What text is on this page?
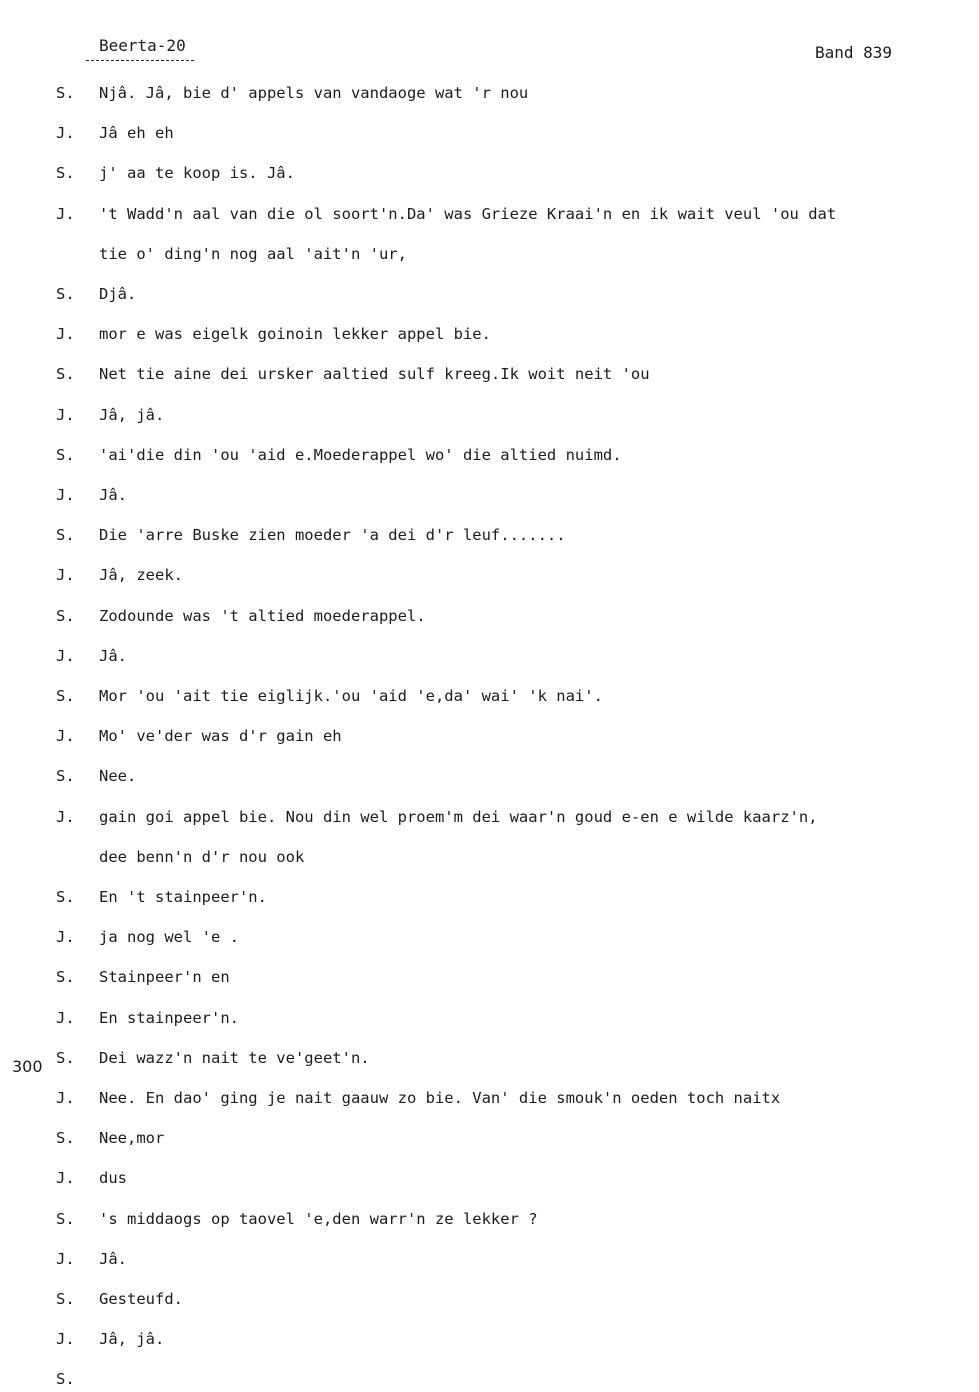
Beerta-20	Band 839
300
S.	Njâ. Jâ, bie d' appels van vandaoge wat 'r nou
J.	Jâ eh eh
S.	j' aa te koop is. Jâ.
J.	't Wadd'n aal van die ol soort'n.Da' was Grieze Kraai'n en ik wait veul 'ou dat
tie o' ding'n nog aal 'ait'n 'ur,
S.	Djâ.
J.	mor e was eigelk goinoin lekker appel bie.
S.	Net tie aine dei ursker aaltied sulf kreeg.Ik woit neit 'ou
J.	Jâ, jâ.
S.	'ai'die din 'ou 'aid e.Moederappel wo' die altied nuimd.
J.	Jâ.
S.	Die 'arre Buske zien moeder 'a dei d'r leuf.......
J.	Jâ, zeek.
S.	Zodounde was 't altied moederappel.
J.	Jâ.
S.	Mor 'ou 'ait tie eiglijk.'ou 'aid 'e,da' wai' 'k nai'.
J.	Mo' ve'der was d'r gain eh
S.	Nee.
J.	gain goi appel bie. Nou din wel proem'm dei waar'n goud e-en e wilde kaarz'n,
dee benn'n d'r nou ook
S.	En 't stainpeer'n.
J.	ja nog wel 'e .
S.	Stainpeer'n en
J.	En stainpeer'n.
S.	Dei wazz'n nait te ve'geet'n.
J.	Nee. En dao' ging je nait gaauw zo bie. Van' die smouk'n oeden toch naitx
S.	Nee,mor
J.	dus
S.	's middaogs op taovel 'e,den warr'n ze lekker ?
J.	Jâ.
S.	Gesteufd.
J.	Jâ, jâ.
S.
